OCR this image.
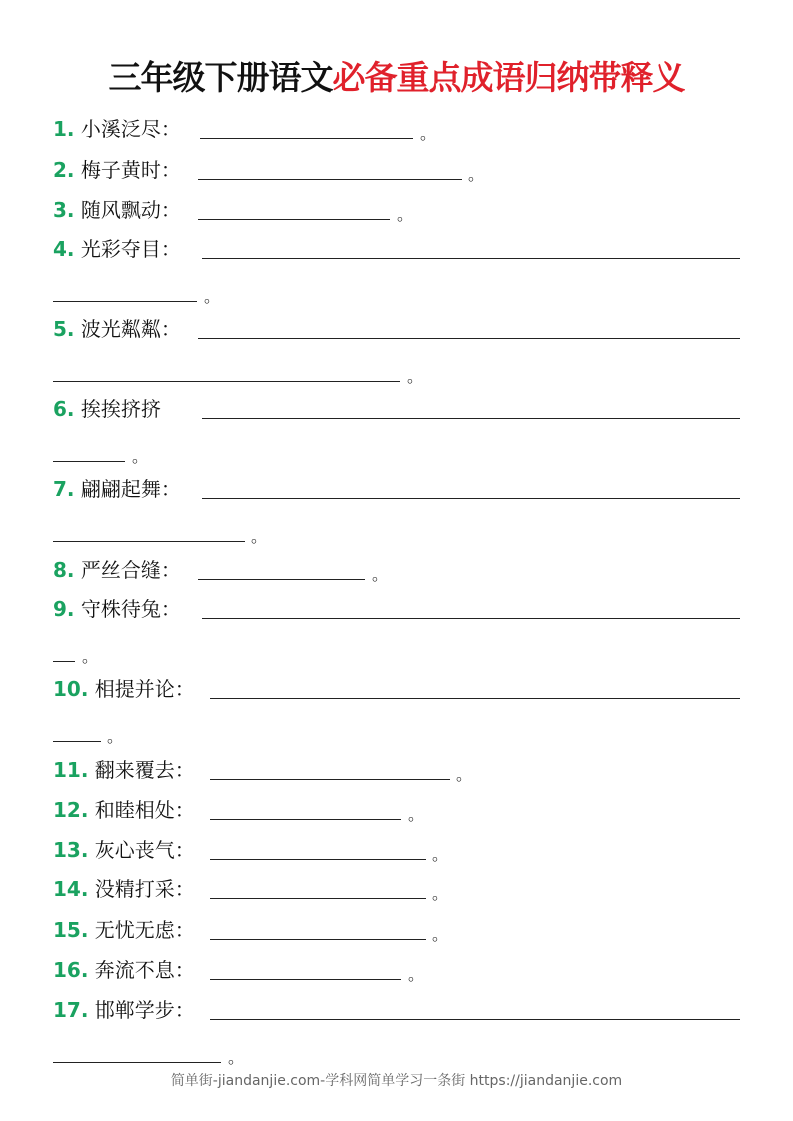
三年级下册语文必备重点成语归纳带释义
1. 小溪泛尽：	。
2. 梅子黄时：	。
3. 随风飘动：	。
4. 光彩夺目：
。
5. 波光粼粼：
。
6. 挨挨挤挤
。
7. 翩翩起舞：
。
8. 严丝合缝：	。
9. 守株待兔：
。
10. 相提并论：
。
11. 翻来覆去：	。
12. 和睦相处：	。
13. 灰心丧气：	。
14. 没精打采：	。
15. 无忧无虑：	。
16. 奔流不息：	。
17. 邯郸学步：
。
简单街-jiandanjie.com-学科网简单学习一条街 https://jiandanjie.com
